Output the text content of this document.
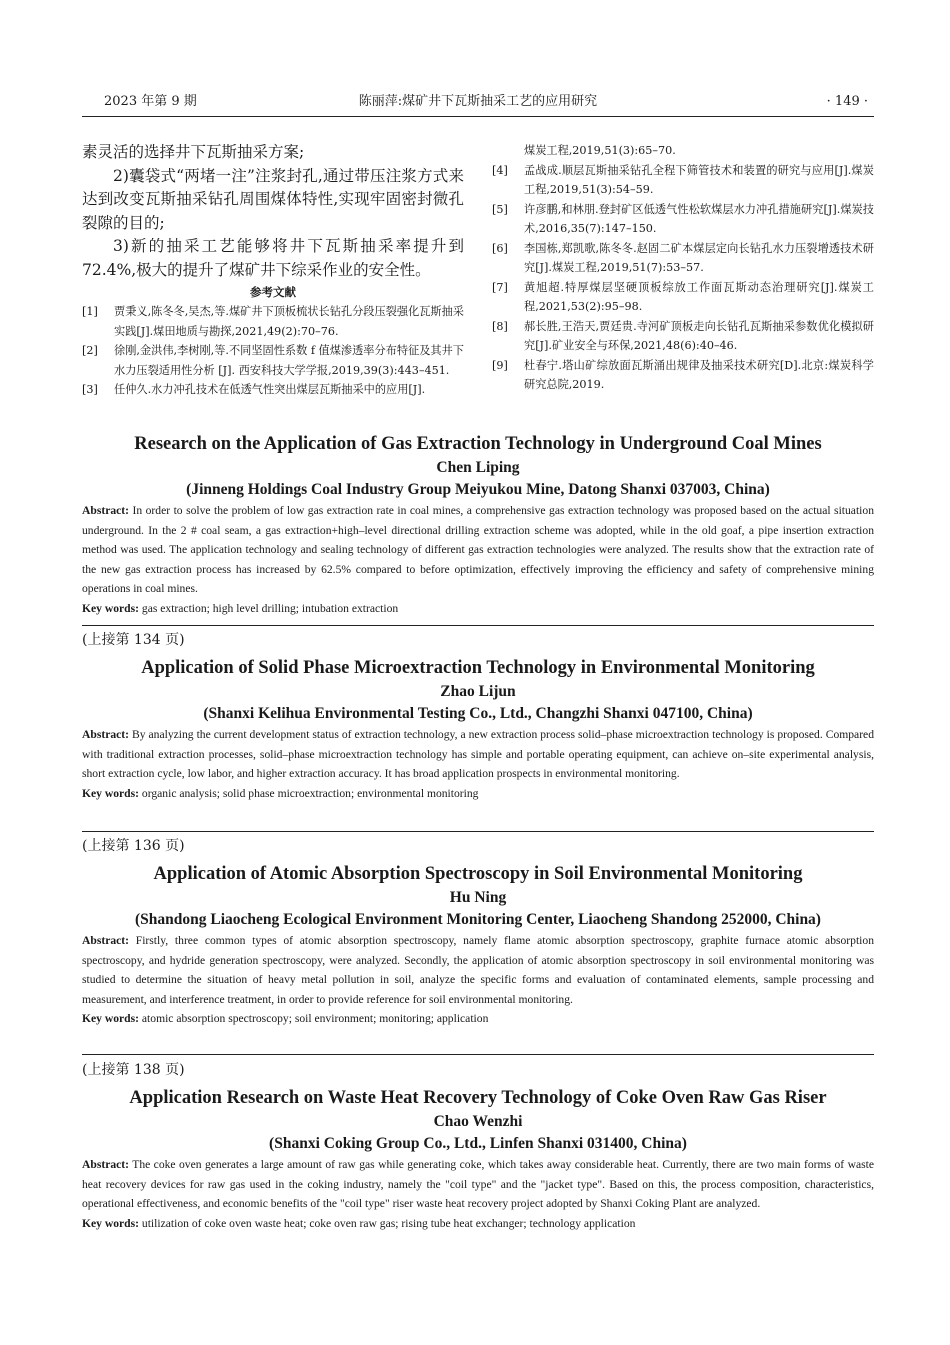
2023 年第 9 期	陈丽萍:煤矿井下瓦斯抽采工艺的应用研究	· 149 ·

素灵活的选择井下瓦斯抽采方案;

2)囊袋式“两堵一注”注浆封孔,通过带压注浆方式来达到改变瓦斯抽采钻孔周围煤体特性,实现牢固密封微孔裂隙的目的;

3)新的抽采工艺能够将井下瓦斯抽采率提升到72.4%,极大的提升了煤矿井下综采作业的安全性。

参考文献
[1]	贾秉义,陈冬冬,吴杰,等.煤矿井下顶板梳状长钻孔分段压裂强化瓦斯抽采实践[J].煤田地质与勘探,2021,49(2):70–76.
[2]	徐刚,金洪伟,李树刚,等.不同坚固性系数 f 值煤渗透率分布特征及其井下水力压裂适用性分析 [J]. 西安科技大学学报,2019,39(3):443–451.
[3]	任仲久.水力冲孔技术在低透气性突出煤层瓦斯抽采中的应用[J].
煤炭工程,2019,51(3):65–70.
[4]	孟战成.顺层瓦斯抽采钻孔全程下筛管技术和装置的研究与应用[J].煤炭工程,2019,51(3):54–59.
[5]	许彦鹏,和林朋.登封矿区低透气性松软煤层水力冲孔措施研究[J].煤炭技术,2016,35(7):147–150.
[6]	李国栋,郑凯歌,陈冬冬.赵固二矿本煤层定向长钻孔水力压裂增透技术研究[J].煤炭工程,2019,51(7):53–57.
[7]	黄旭超.特厚煤层坚硬顶板综放工作面瓦斯动态治理研究[J].煤炭工程,2021,53(2):95–98.
[8]	郝长胜,王浩天,贾廷贵.寺河矿顶板走向长钻孔瓦斯抽采参数优化模拟研究[J].矿业安全与环保,2021,48(6):40–46.
[9]	杜春宁.塔山矿综放面瓦斯涌出规律及抽采技术研究[D].北京:煤炭科学研究总院,2019.

Research on the Application of Gas Extraction Technology in Underground Coal Mines

Chen Liping

(Jinneng Holdings Coal Industry Group Meiyukou Mine, Datong Shanxi 037003, China)

Abstract: In order to solve the problem of low gas extraction rate in coal mines, a comprehensive gas extraction technology was proposed based on the actual situation underground. In the 2 # coal seam, a gas extraction+high–level directional drilling extraction scheme was adopted, while in the old goaf, a pipe insertion extraction method was used. The application technology and sealing technology of different gas extraction technologies were analyzed. The results show that the extraction rate of the new gas extraction process has increased by 62.5% compared to before optimization, effectively improving the efficiency and safety of comprehensive mining operations in coal mines.

Key words: gas extraction; high level drilling; intubation extraction

(上接第 134 页)

Application of Solid Phase Microextraction Technology in Environmental Monitoring

Zhao Lijun

(Shanxi Kelihua Environmental Testing Co., Ltd., Changzhi Shanxi 047100, China)

Abstract: By analyzing the current development status of extraction technology, a new extraction process solid–phase microextraction technology is proposed. Compared with traditional extraction processes, solid–phase microextraction technology has simple and portable operating equipment, can achieve on–site experimental analysis, short extraction cycle, low labor, and higher extraction accuracy. It has broad application prospects in environmental monitoring.

Key words: organic analysis; solid phase microextraction; environmental monitoring

(上接第 136 页)

Application of Atomic Absorption Spectroscopy in Soil Environmental Monitoring

Hu Ning

(Shandong Liaocheng Ecological Environment Monitoring Center, Liaocheng Shandong 252000, China)

Abstract: Firstly, three common types of atomic absorption spectroscopy, namely flame atomic absorption spectroscopy, graphite furnace atomic absorption spectroscopy, and hydride generation spectroscopy, were analyzed. Secondly, the application of atomic absorption spectroscopy in soil environmental monitoring was studied to determine the situation of heavy metal pollution in soil, analyze the specific forms and evaluation of contaminated elements, sample processing and measurement, and interference treatment, in order to provide reference for soil environmental monitoring.

Key words: atomic absorption spectroscopy; soil environment; monitoring; application

(上接第 138 页)

Application Research on Waste Heat Recovery Technology of Coke Oven Raw Gas Riser

Chao Wenzhi

(Shanxi Coking Group Co., Ltd., Linfen Shanxi 031400, China)

Abstract: The coke oven generates a large amount of raw gas while generating coke, which takes away considerable heat. Currently, there are two main forms of waste heat recovery devices for raw gas used in the coking industry, namely the "coil type" and the "jacket type". Based on this, the process composition, characteristics, operational effectiveness, and economic benefits of the "coil type" riser waste heat recovery project adopted by Shanxi Coking Plant are analyzed.

Key words: utilization of coke oven waste heat; coke oven raw gas; rising tube heat exchanger; technology application
